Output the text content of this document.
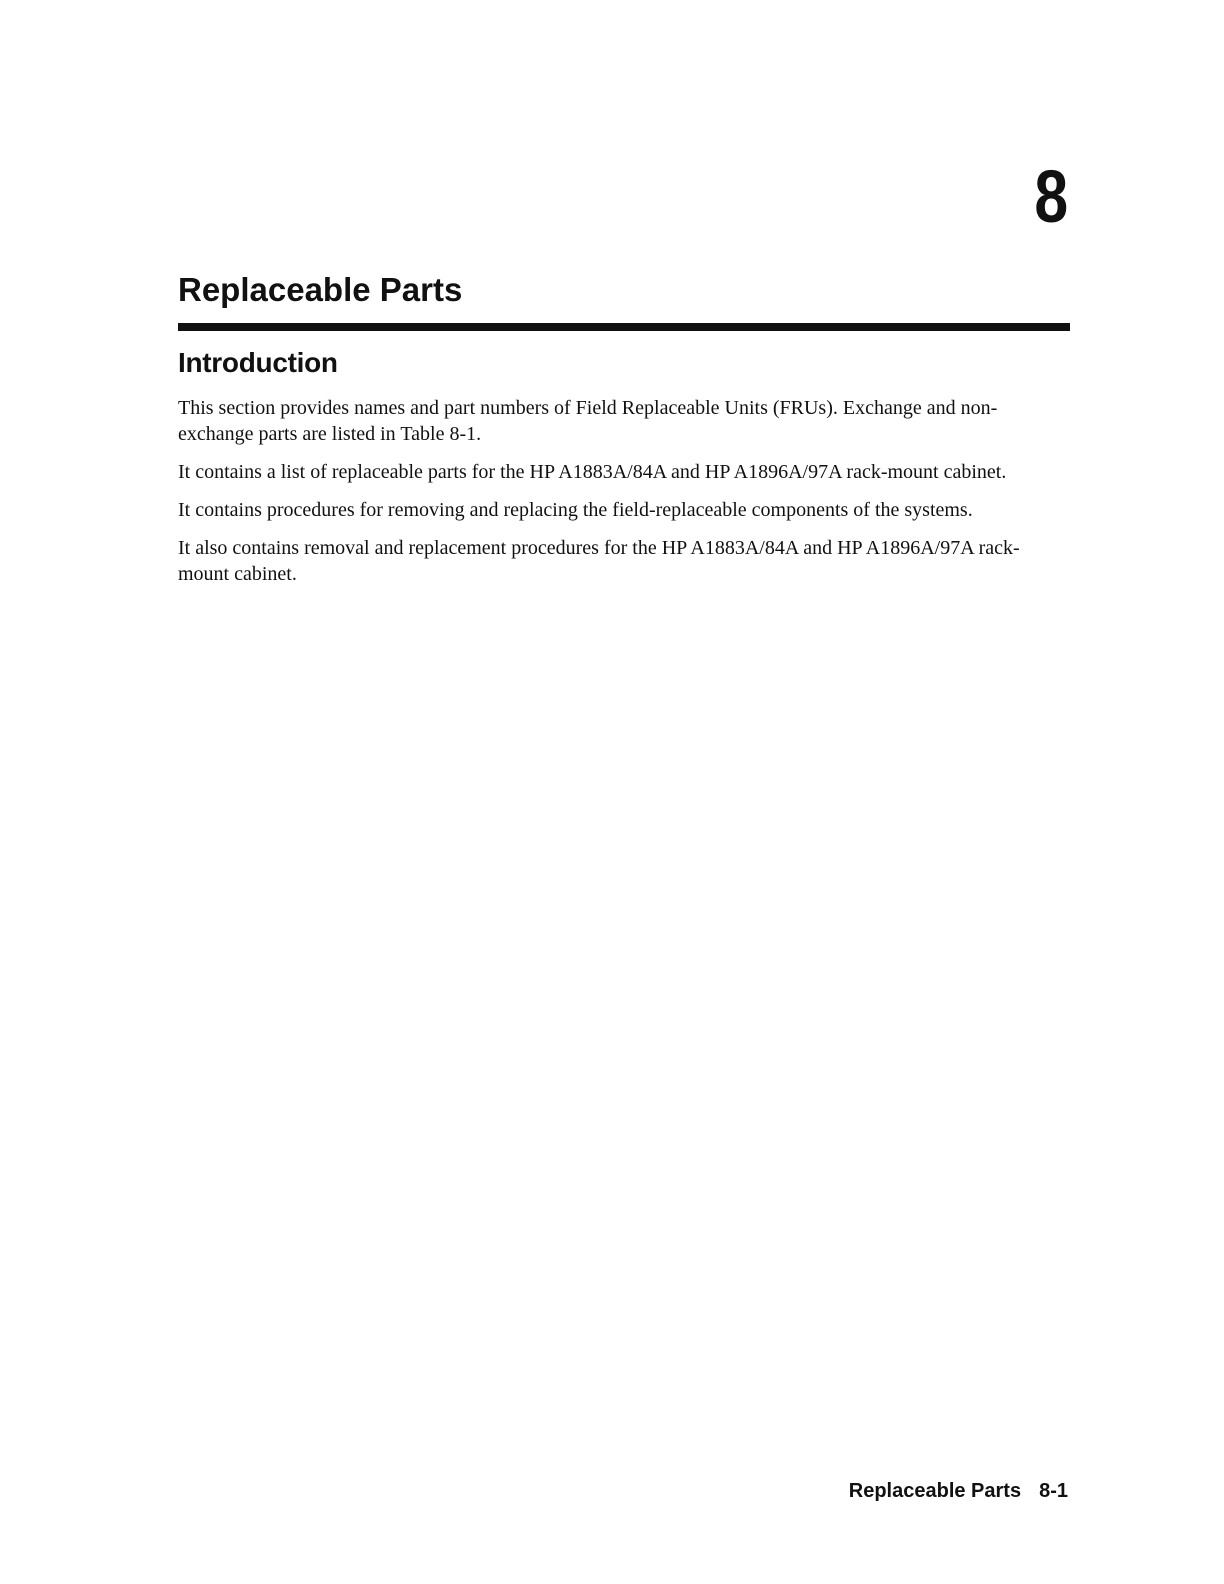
8
Replaceable Parts
Introduction

This section provides names and part numbers of Field Replaceable Units (FRUs). Exchange and non-exchange parts are listed in Table 8-1.

It contains a list of replaceable parts for the HP A1883A/84A and HP A1896A/97A rack-mount cabinet.

It contains procedures for removing and replacing the field-replaceable components of the systems.

It also contains removal and replacement procedures for the HP A1883A/84A and HP A1896A/97A rack-mount cabinet.

Replaceable Parts 8-1
